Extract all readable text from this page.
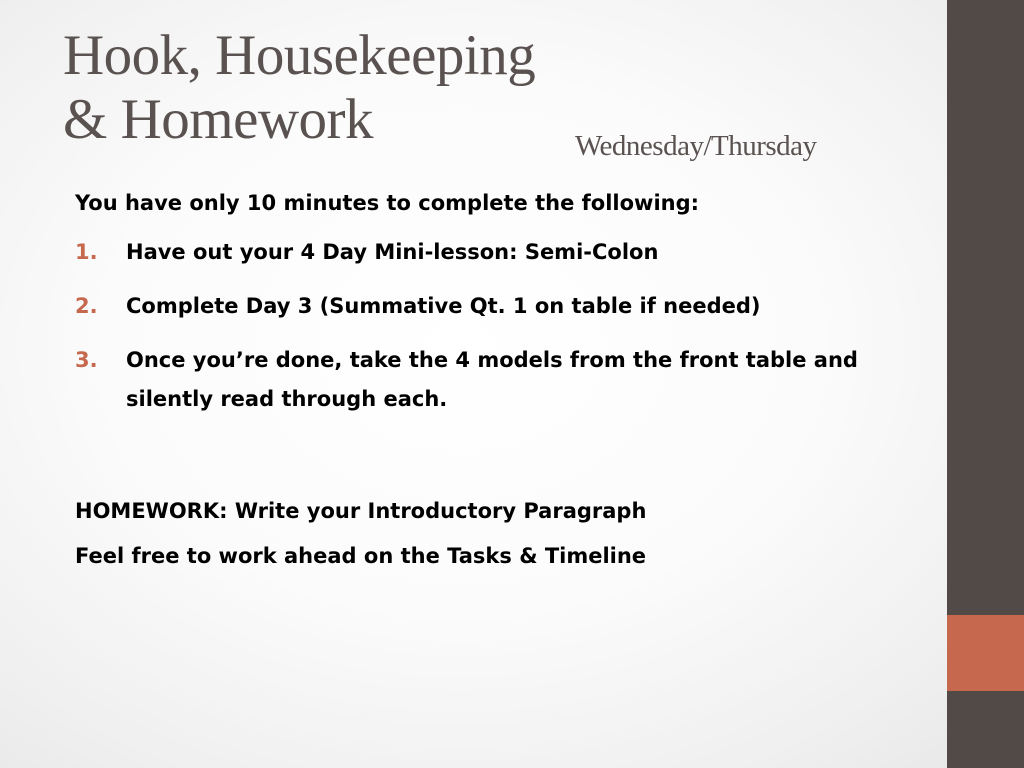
Hook, Housekeeping
& Homework	Wednesday/Thursday

You have only 10 minutes to complete the following:

1. Have out your 4 Day Mini-lesson: Semi-Colon
2. Complete Day 3 (Summative Qt. 1 on table if needed)
3. Once you’re done, take the 4 models from the front table and silently read through each.

HOMEWORK: Write your Introductory Paragraph

Feel free to work ahead on the Tasks & Timeline
